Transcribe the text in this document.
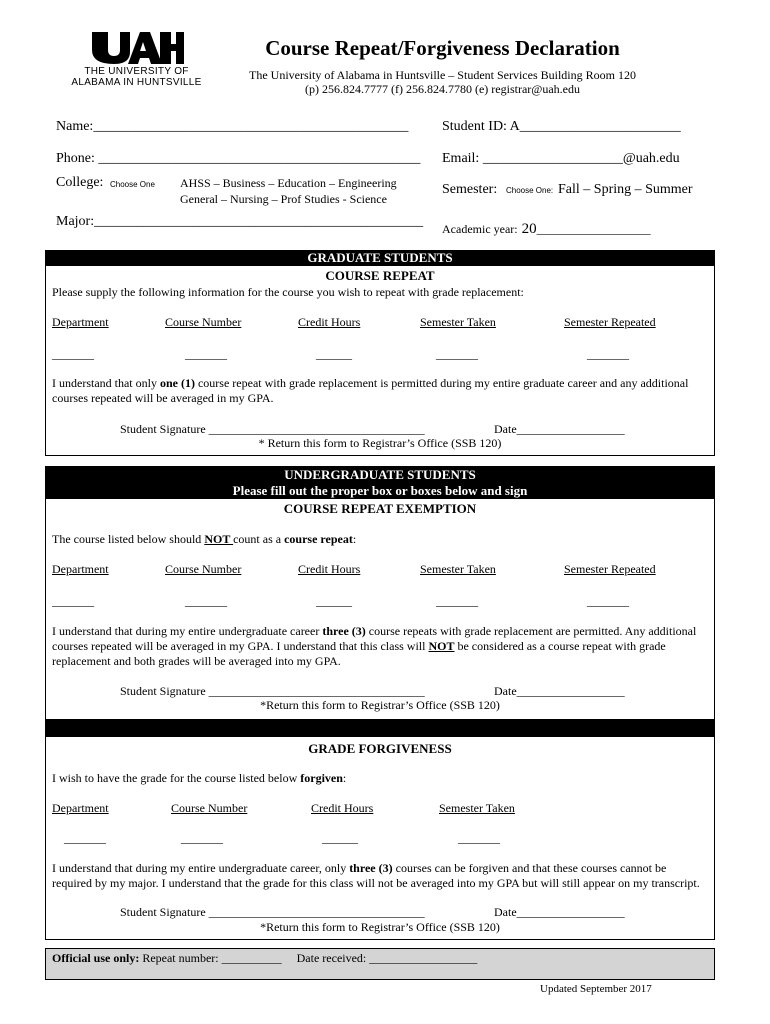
THE UNIVERSITY OF
ALABAMA IN HUNTSVILLE
Course Repeat/Forgiveness Declaration
The University of Alabama in Huntsville – Student Services Building Room 120
(p) 256.824.7777 (f) 256.824.7780 (e) registrar@uah.edu
Name:_____________________________________________ Student ID: A_______________________
Phone: ______________________________________________ Email: ____________________@uah.edu
College: Choose One AHSS – Business – Education – Engineering
General – Nursing – Prof Studies - Science
Semester: Choose One: Fall – Spring – Summer
Major:_______________________________________________ Academic year: 20___________________
GRADUATE STUDENTS
COURSE REPEAT
Please supply the following information for the course you wish to repeat with grade replacement:
Department	Course Number	Credit Hours	Semester Taken	Semester Repeated
_______	_______	______	_______	_______
I understand that only one (1) course repeat with grade replacement is permitted during my entire graduate career and any additional courses repeated will be averaged in my GPA.
Student Signature ____________________________________	Date__________________
* Return this form to Registrar’s Office (SSB 120)
UNDERGRADUATE STUDENTS
Please fill out the proper box or boxes below and sign
COURSE REPEAT EXEMPTION
The course listed below should NOT count as a course repeat:
Department	Course Number	Credit Hours	Semester Taken	Semester Repeated
_______	_______	______	_______	_______
I understand that during my entire undergraduate career three (3) course repeats with grade replacement are permitted. Any additional courses repeated will be averaged in my GPA. I understand that this class will NOT be considered as a course repeat with grade replacement and both grades will be averaged into my GPA.
Student Signature ____________________________________	Date__________________
*Return this form to Registrar’s Office (SSB 120)
GRADE FORGIVENESS
I wish to have the grade for the course listed below forgiven:
Department	Course Number	Credit Hours	Semester Taken
_______	_______	______	_______
I understand that during my entire undergraduate career, only three (3) courses can be forgiven and that these courses cannot be required by my major. I understand that the grade for this class will not be averaged into my GPA but will still appear on my transcript.
Student Signature ____________________________________	Date__________________
*Return this form to Registrar’s Office (SSB 120)
Official use only: Repeat number: __________ Date received: __________________
Updated September 2017
